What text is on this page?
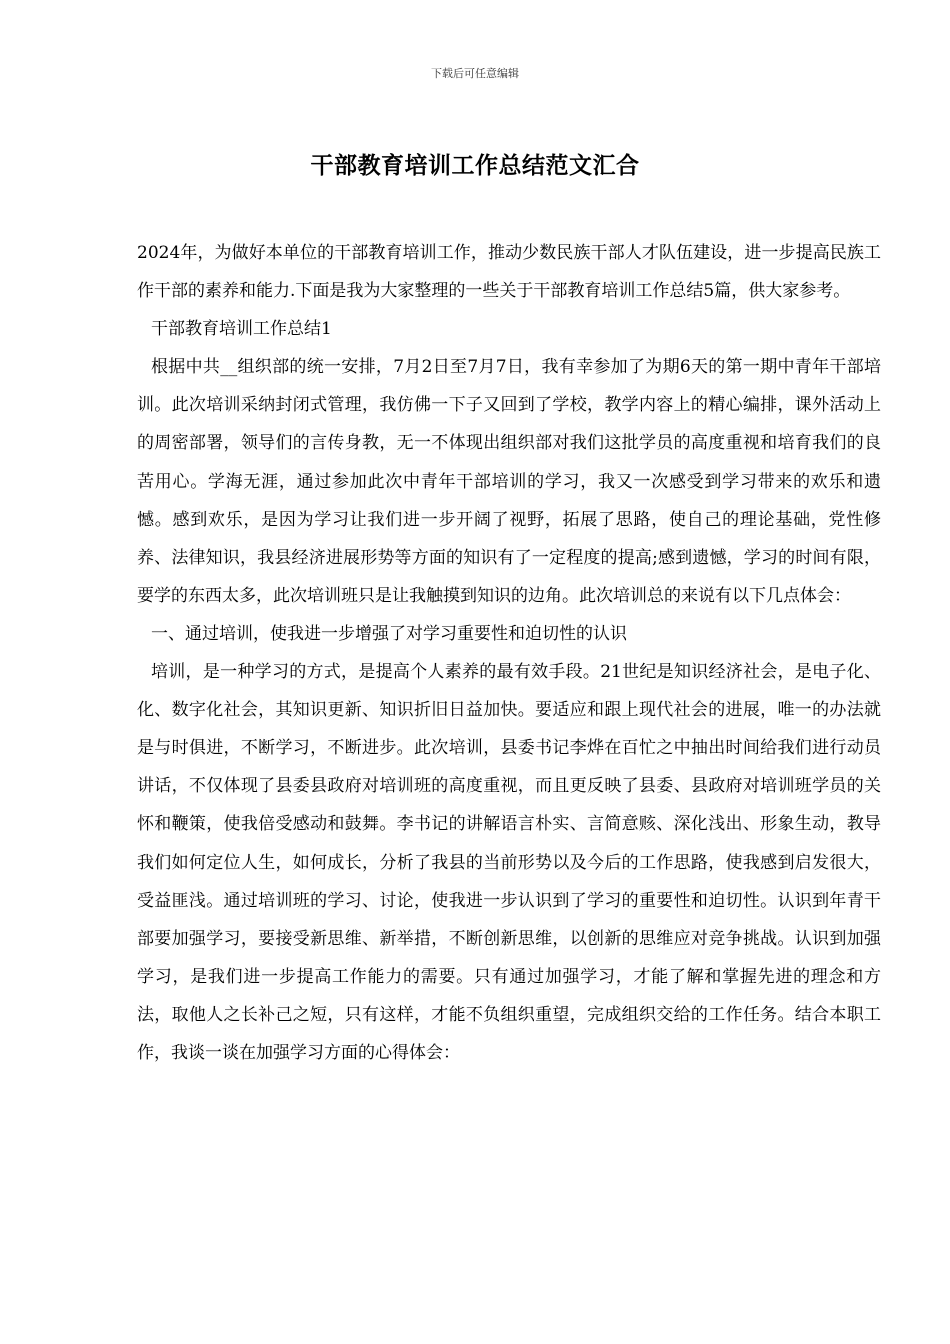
下载后可任意编辑
干部教育培训工作总结范文汇合

2024年，为做好本单位的干部教育培训工作，推动少数民族干部人才队伍建设，进一步提高民族工作干部的素养和能力.下面是我为大家整理的一些关于干部教育培训工作总结5篇，供大家参考。

干部教育培训工作总结1

根据中共__组织部的统一安排，7月2日至7月7日，我有幸参加了为期6天的第一期中青年干部培训。此次培训采纳封闭式管理，我仿佛一下子又回到了学校，教学内容上的精心编排，课外活动上的周密部署，领导们的言传身教，无一不体现出组织部对我们这批学员的高度重视和培育我们的良苦用心。学海无涯，通过参加此次中青年干部培训的学习，我又一次感受到学习带来的欢乐和遗憾。感到欢乐，是因为学习让我们进一步开阔了视野，拓展了思路，使自己的理论基础，党性修养、法律知识，我县经济进展形势等方面的知识有了一定程度的提高;感到遗憾，学习的时间有限，要学的东西太多，此次培训班只是让我触摸到知识的边角。此次培训总的来说有以下几点体会：

一、通过培训，使我进一步增强了对学习重要性和迫切性的认识

培训，是一种学习的方式，是提高个人素养的最有效手段。21世纪是知识经济社会，是电子化、化、数字化社会，其知识更新、知识折旧日益加快。要适应和跟上现代社会的进展，唯一的办法就是与时俱进，不断学习，不断进步。此次培训，县委书记李烨在百忙之中抽出时间给我们进行动员讲话，不仅体现了县委县政府对培训班的高度重视，而且更反映了县委、县政府对培训班学员的关怀和鞭策，使我倍受感动和鼓舞。李书记的讲解语言朴实、言简意赅、深化浅出、形象生动，教导我们如何定位人生，如何成长，分析了我县的当前形势以及今后的工作思路，使我感到启发很大，受益匪浅。通过培训班的学习、讨论，使我进一步认识到了学习的重要性和迫切性。认识到年青干部要加强学习，要接受新思维、新举措，不断创新思维，以创新的思维应对竞争挑战。认识到加强学习，是我们进一步提高工作能力的需要。只有通过加强学习，才能了解和掌握先进的理念和方法，取他人之长补己之短，只有这样，才能不负组织重望，完成组织交给的工作任务。结合本职工作，我谈一谈在加强学习方面的心得体会：
